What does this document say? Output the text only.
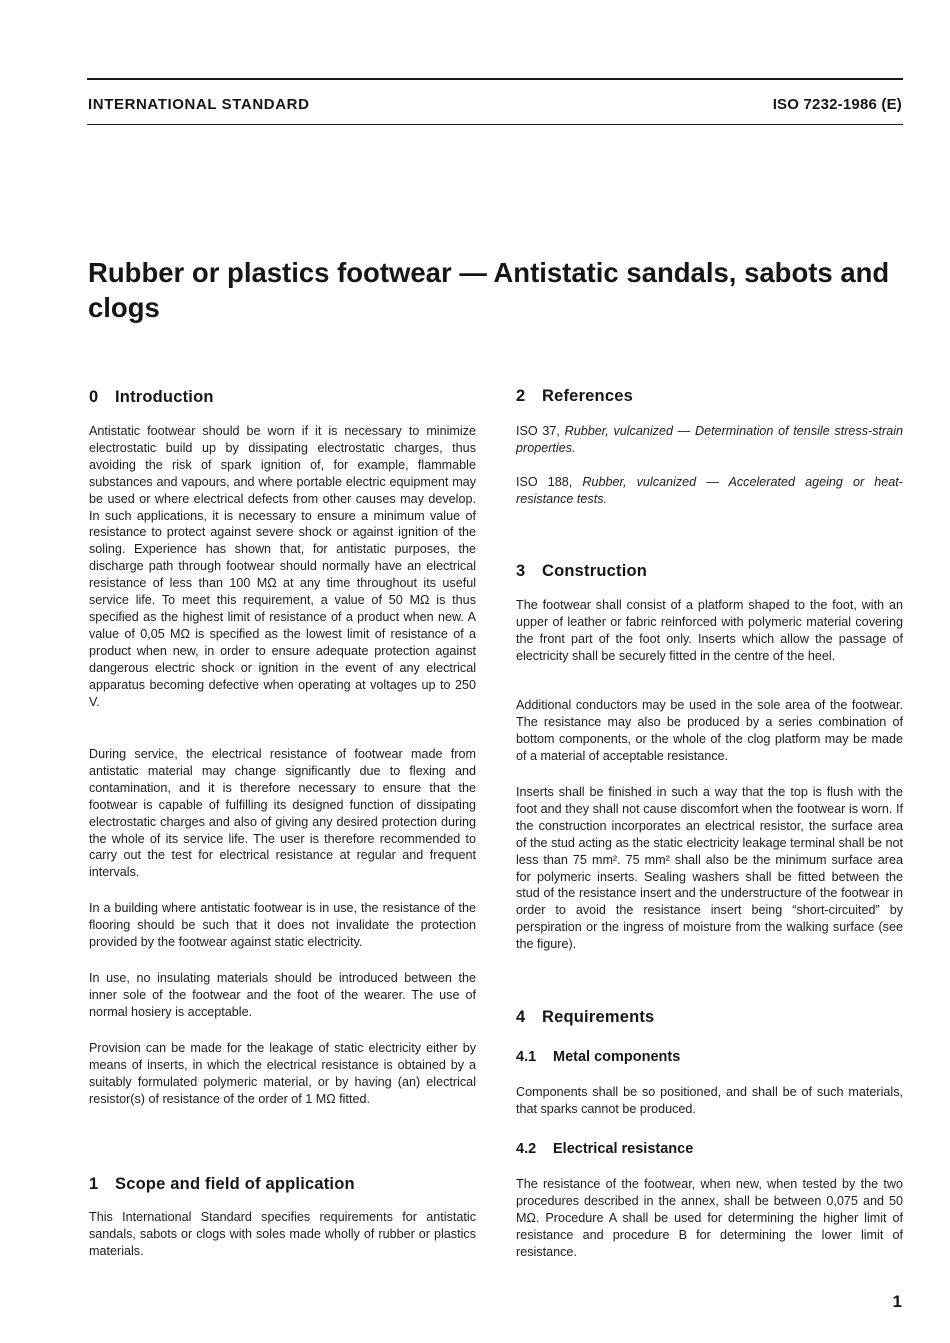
INTERNATIONAL STANDARD	ISO 7232-1986 (E)
Rubber or plastics footwear — Antistatic sandals, sabots and clogs
0 Introduction

Antistatic footwear should be worn if it is necessary to minimize electrostatic build up by dissipating electrostatic charges, thus avoiding the risk of spark ignition of, for example, flammable substances and vapours, and where portable electric equipment may be used or where electrical defects from other causes may develop. In such applications, it is necessary to ensure a minimum value of resistance to protect against severe shock or against ignition of the soling. Experience has shown that, for antistatic purposes, the discharge path through footwear should normally have an electrical resistance of less than 100 MΩ at any time throughout its useful service life. To meet this requirement, a value of 50 MΩ is thus specified as the highest limit of resistance of a product when new. A value of 0,05 MΩ is specified as the lowest limit of resistance of a product when new, in order to ensure adequate protection against dangerous electric shock or ignition in the event of any electrical apparatus becoming defective when operating at voltages up to 250 V.

During service, the electrical resistance of footwear made from antistatic material may change significantly due to flexing and contamination, and it is therefore necessary to ensure that the footwear is capable of fulfilling its designed function of dissipating electrostatic charges and also of giving any desired protection during the whole of its service life. The user is therefore recommended to carry out the test for electrical resistance at regular and frequent intervals.

In a building where antistatic footwear is in use, the resistance of the flooring should be such that it does not invalidate the protection provided by the footwear against static electricity.

In use, no insulating materials should be introduced between the inner sole of the footwear and the foot of the wearer. The use of normal hosiery is acceptable.

Provision can be made for the leakage of static electricity either by means of inserts, in which the electrical resistance is obtained by a suitably formulated polymeric material, or by having (an) electrical resistor(s) of resistance of the order of 1 MΩ fitted.

1 Scope and field of application

This International Standard specifies requirements for antistatic sandals, sabots or clogs with soles made wholly of rubber or plastics materials.

2 References

ISO 37, Rubber, vulcanized — Determination of tensile stress-strain properties.

ISO 188, Rubber, vulcanized — Accelerated ageing or heat-resistance tests.

3 Construction

The footwear shall consist of a platform shaped to the foot, with an upper of leather or fabric reinforced with polymeric material covering the front part of the foot only. Inserts which allow the passage of electricity shall be securely fitted in the centre of the heel.

Additional conductors may be used in the sole area of the footwear. The resistance may also be produced by a series combination of bottom components, or the whole of the clog platform may be made of a material of acceptable resistance.

Inserts shall be finished in such a way that the top is flush with the foot and they shall not cause discomfort when the footwear is worn. If the construction incorporates an electrical resistor, the surface area of the stud acting as the static electricity leakage terminal shall be not less than 75 mm². 75 mm² shall also be the minimum surface area for polymeric inserts. Sealing washers shall be fitted between the stud of the resistance insert and the understructure of the footwear in order to avoid the resistance insert being “short-circuited” by perspiration or the ingress of moisture from the walking surface (see the figure).

4 Requirements
4.1 Metal components

Components shall be so positioned, and shall be of such materials, that sparks cannot be produced.

4.2 Electrical resistance

The resistance of the footwear, when new, when tested by the two procedures described in the annex, shall be between 0,075 and 50 MΩ. Procedure A shall be used for determining the higher limit of resistance and procedure B for determining the lower limit of resistance.

1
